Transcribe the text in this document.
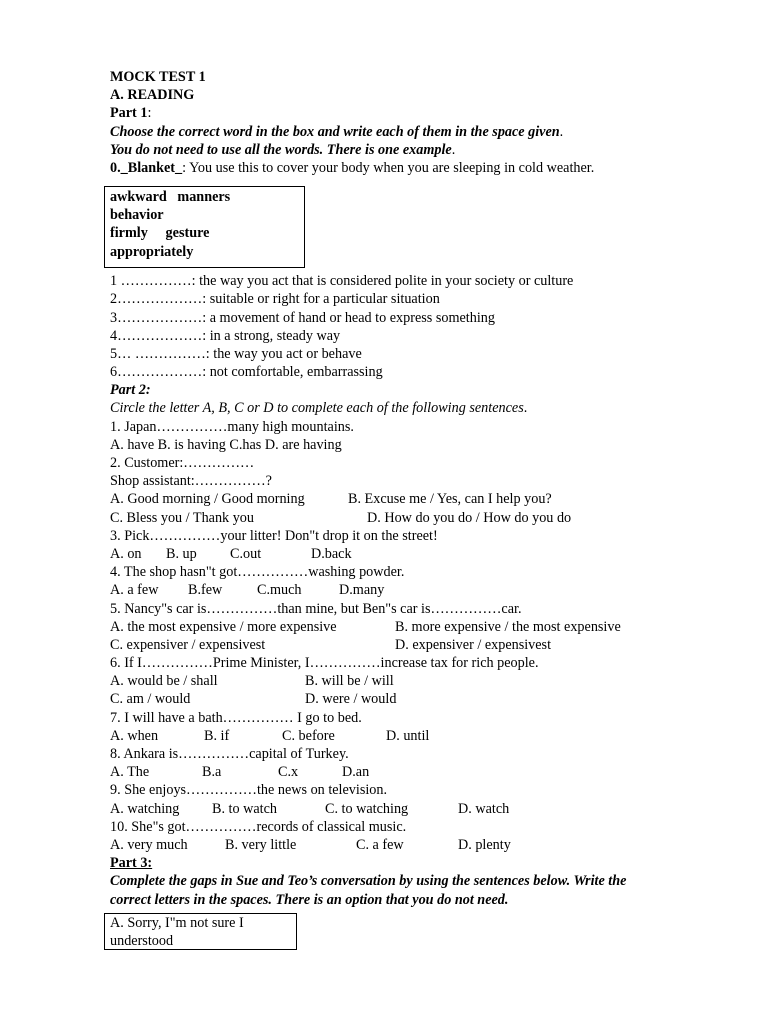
MOCK TEST 1
A. READING
Part 1:
Choose the correct word in the box and write each of them in the space given.
You do not need to use all the words. There is one example.
0._Blanket_: You use this to cover your body when you are sleeping in cold weather.
1 ……………: the way you act that is considered polite in your society or culture
2………………: suitable or right for a particular situation
3………………: a movement of hand or head to express something
4………………: in a strong, steady way
5… ……………: the way you act or behave
6………………: not comfortable, embarrassing
Part 2:
Circle the letter A, B, C or D to complete each of the following sentences.
1. Japan……………many high mountains.
A. have B. is having C.has D. are having
2. Customer:……………
Shop assistant:……………?
A. Good morning / Good morning	B. Excuse me / Yes, can I help you?
C. Bless you / Thank you	D. How do you do / How do you do
3. Pick……………your litter! Don"t drop it on the street!
A. on B. up C.out	D.back
4. The shop hasn"t got……………washing powder.
A. a few B.few C.much	D.many
5. Nancy"s car is……………than mine, but Ben"s car is……………car.
A. the most expensive / more expensive	B. more expensive / the most expensive
C. expensiver / expensivest	D. expensiver / expensivest
6. If I……………Prime Minister, I……………increase tax for rich people.
A. would be / shall	B. will be / will
C. am / would	D. were / would
7. I will have a bath…………… I go to bed.
A. when	B. if	C. before	D. until
8. Ankara is……………capital of Turkey.
A. The	B.a	C.x	D.an
9. She enjoys……………the news on television.
A. watching B. to watch	C. to watching	D. watch
10. She"s got……………records of classical music.
A. very much	B. very little	C. a few	D. plenty
Part 3:
Complete the gaps in Sue and Teo’s conversation by using the sentences below. Write the
correct letters in the spaces. There is an option that you do not need.
awkward   manners
behavior
firmly     gesture
appropriately
A. Sorry, I"m not sure I
understood
